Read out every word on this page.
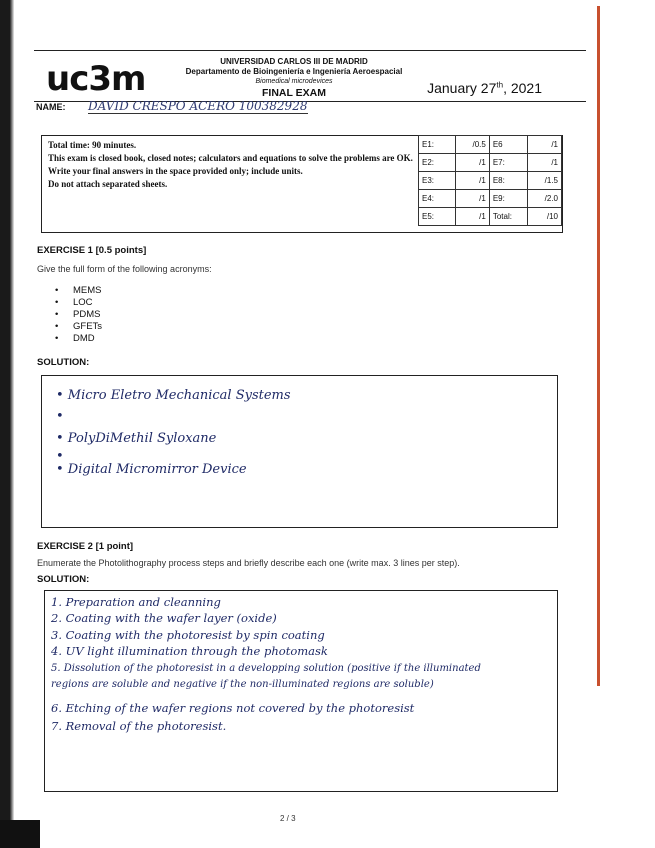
uc3m	UNIVERSIDAD CARLOS III DE MADRID
Departamento de Bioingeniería e Ingeniería Aeroespacial
Biomedical microdevices
FINAL EXAM	January 27th, 2021
NAME: DAVID CRESPO ACERO 100382928
Total time: 90 minutes.
This exam is closed book, closed notes; calculators and equations to solve the problems are OK.
Write your final answers in the space provided only; include units.
Do not attach separated sheets.
E1:	/0.5	E6	/1
E2:	/1	E7:	/1
E3:	/1	E8:	/1.5
E4:	/1	E9:	/2.0
E5:	/1	Total:	/10
EXERCISE 1 [0.5 points]
Give the full form of the following acronyms:
• MEMS
• LOC
• PDMS
• GFETs
• DMD
SOLUTION:
• Micro Eletro Mechanical Systems
•
• PolyDiMethil Syloxane
•
• Digital Micromirror Device
EXERCISE 2 [1 point]
Enumerate the Photolithography process steps and briefly describe each one (write max. 3 lines per step).
SOLUTION:
1. Preparation and cleanning
2. Coating with the wafer layer (oxide)
3. Coating with the photoresist by spin coating
4. UV light illumination through the photomask
5. Dissolution of the photoresist in a developping solution (positive if the illuminated
regions are soluble and negative if the non-illuminated regions are soluble)
6. Etching of the wafer regions not covered by the photoresist
7. Removal of the photoresist.
2 / 3
